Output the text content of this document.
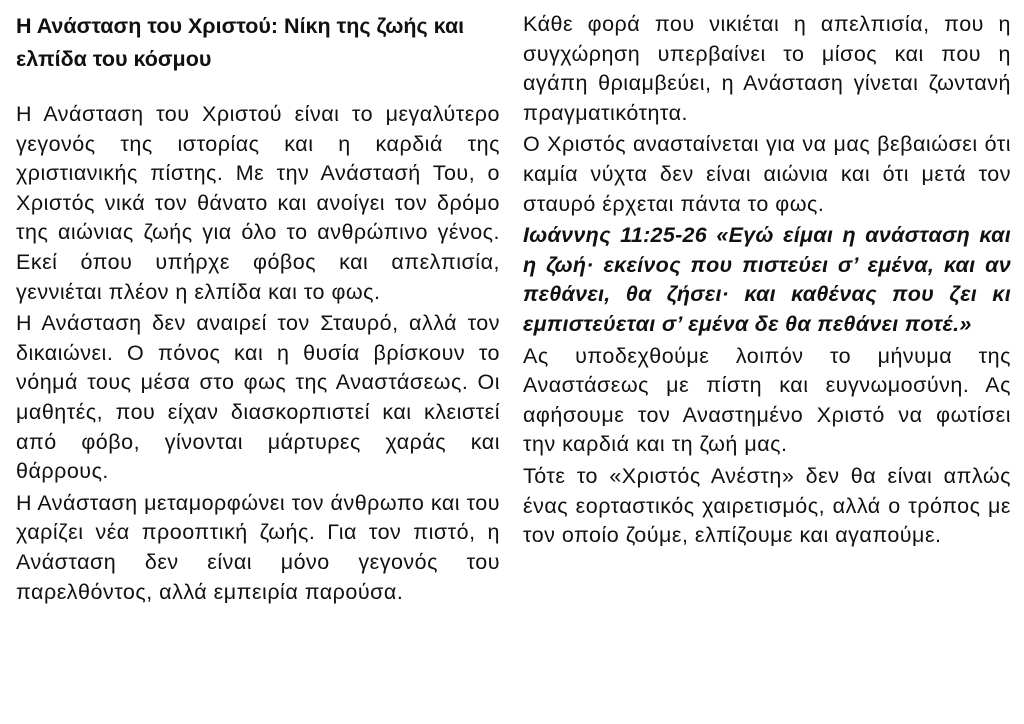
Η Ανάσταση του Χριστού: Νίκη της ζωής και ελπίδα του κόσμου

Η Ανάσταση του Χριστού είναι το μεγαλύτερο γεγονός της ιστορίας και η καρδιά της χριστιανικής πίστης. Με την Ανάστασή Του, ο Χριστός νικά τον θάνατο και ανοίγει τον δρόμο της αιώνιας ζωής για όλο το ανθρώπινο γένος. Εκεί όπου υπήρχε φόβος και απελπισία, γεννιέται πλέον η ελπίδα και το φως.

Η Ανάσταση δεν αναιρεί τον Σταυρό, αλλά τον δικαιώνει. Ο πόνος και η θυσία βρίσκουν το νόημά τους μέσα στο φως της Αναστάσεως. Οι μαθητές, που είχαν διασκορπιστεί και κλειστεί από φόβο, γίνονται μάρτυρες χαράς και θάρρους.

Η Ανάσταση μεταμορφώνει τον άνθρωπο και του χαρίζει νέα προοπτική ζωής. Για τον πιστό, η Ανάσταση δεν είναι μόνο γεγονός του παρελθόντος, αλλά εμπειρία παρούσα.

Κάθε φορά που νικιέται η απελπισία, που η συγχώρηση υπερβαίνει το μίσος και που η αγάπη θριαμβεύει, η Ανάσταση γίνεται ζωντανή πραγματικότητα.

Ο Χριστός ανασταίνεται για να μας βεβαιώσει ότι καμία νύχτα δεν είναι αιώνια και ότι μετά τον σταυρό έρχεται πάντα το φως.

Ιωάννης 11:25-26 «Εγώ είμαι η ανάσταση και η ζωή· εκείνος που πιστεύει σ’ εμένα, και αν πεθάνει, θα ζήσει· και καθένας που ζει κι εμπιστεύεται σ’ εμένα δε θα πεθάνει ποτέ.»

Ας υποδεχθούμε λοιπόν το μήνυμα της Αναστάσεως με πίστη και ευγνωμοσύνη. Ας αφήσουμε τον Αναστημένο Χριστό να φωτίσει την καρδιά και τη ζωή μας.

Τότε το «Χριστός Ανέστη» δεν θα είναι απλώς ένας εορταστικός χαιρετισμός, αλλά ο τρόπος με τον οποίο ζούμε, ελπίζουμε και αγαπούμε.
